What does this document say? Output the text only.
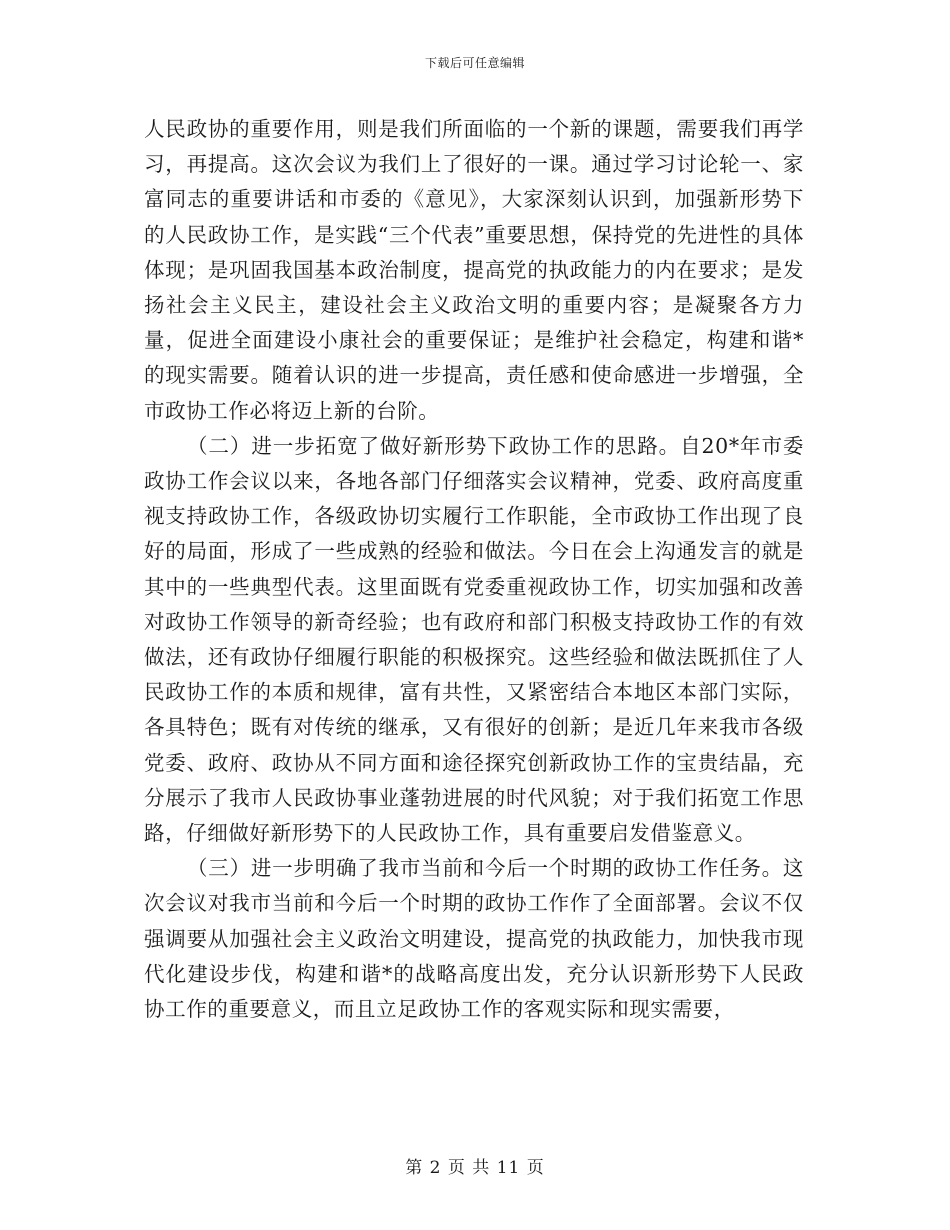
下载后可任意编辑

人民政协的重要作用，则是我们所面临的一个新的课题，需要我们再学习，再提高。这次会议为我们上了很好的一课。通过学习讨论轮一、家富同志的重要讲话和市委的《意见》，大家深刻认识到，加强新形势下的人民政协工作，是实践“三个代表”重要思想，保持党的先进性的具体体现；是巩固我国基本政治制度，提高党的执政能力的内在要求；是发扬社会主义民主，建设社会主义政治文明的重要内容；是凝聚各方力量，促进全面建设小康社会的重要保证；是维护社会稳定，构建和谐*的现实需要。随着认识的进一步提高，责任感和使命感进一步增强，全市政协工作必将迈上新的台阶。

（二）进一步拓宽了做好新形势下政协工作的思路。自20*年市委政协工作会议以来，各地各部门仔细落实会议精神，党委、政府高度重视支持政协工作，各级政协切实履行工作职能，全市政协工作出现了良好的局面，形成了一些成熟的经验和做法。今日在会上沟通发言的就是其中的一些典型代表。这里面既有党委重视政协工作，切实加强和改善对政协工作领导的新奇经验；也有政府和部门积极支持政协工作的有效做法，还有政协仔细履行职能的积极探究。这些经验和做法既抓住了人民政协工作的本质和规律，富有共性，又紧密结合本地区本部门实际，各具特色；既有对传统的继承，又有很好的创新；是近几年来我市各级党委、政府、政协从不同方面和途径探究创新政协工作的宝贵结晶，充分展示了我市人民政协事业蓬勃进展的时代风貌；对于我们拓宽工作思路，仔细做好新形势下的人民政协工作，具有重要启发借鉴意义。

（三）进一步明确了我市当前和今后一个时期的政协工作任务。这次会议对我市当前和今后一个时期的政协工作作了全面部署。会议不仅强调要从加强社会主义政治文明建设，提高党的执政能力，加快我市现代化建设步伐，构建和谐*的战略高度出发，充分认识新形势下人民政协工作的重要意义，而且立足政协工作的客观实际和现实需要，

第 2 页 共 11 页
